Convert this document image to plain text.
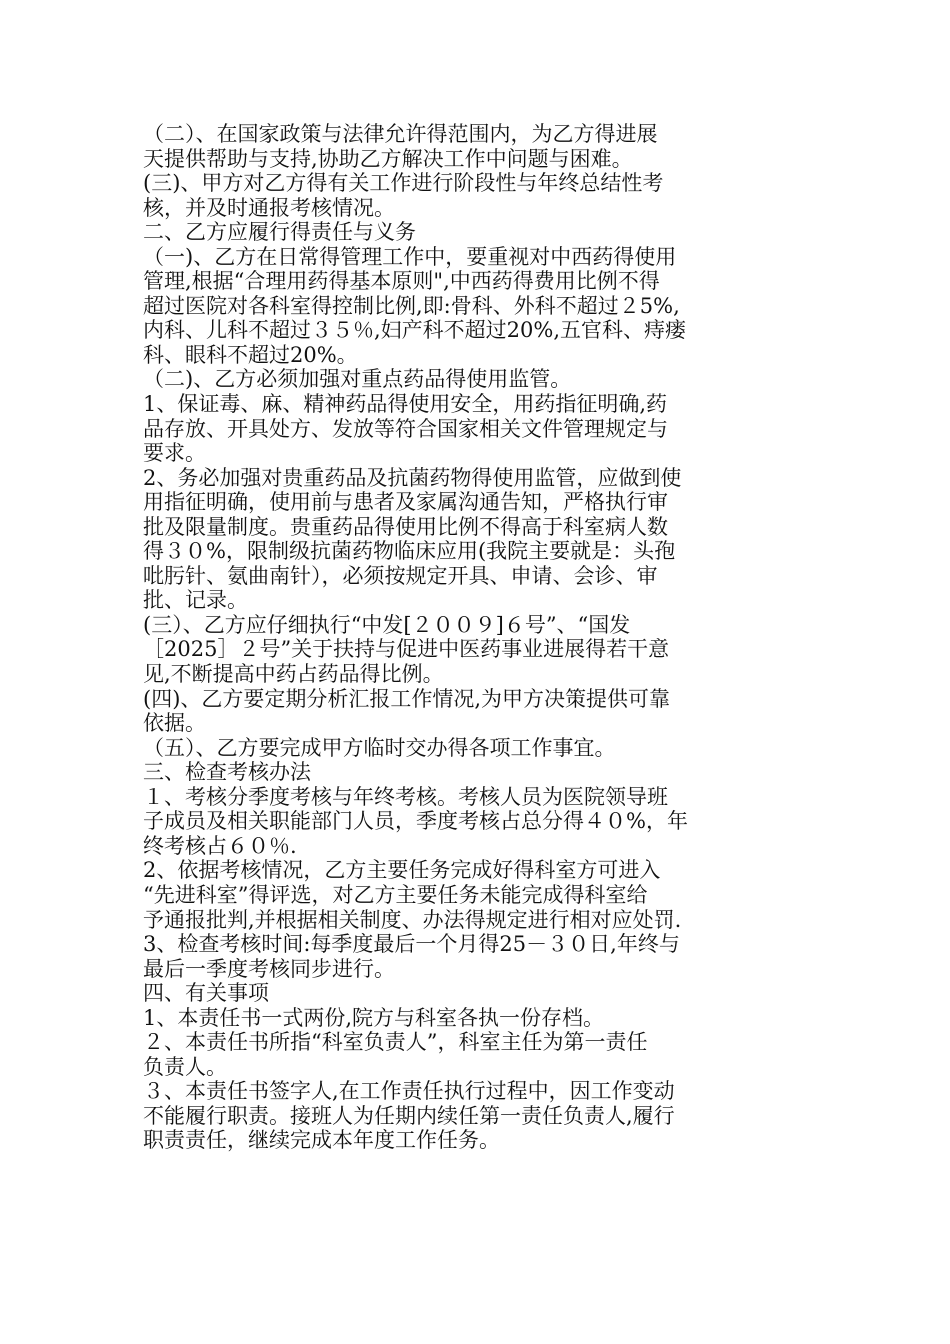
（二）、在国家政策与法律允许得范围内，为乙方得进展
天提供帮助与支持,协助乙方解决工作中问题与困难。
(三)、甲方对乙方得有关工作进行阶段性与年终总结性考
核，并及时通报考核情况。
二、乙方应履行得责任与义务
（一)、乙方在日常得管理工作中，要重视对中西药得使用
管理,根据“合理用药得基本原则",中西药得费用比例不得
超过医院对各科室得控制比例,即:骨科、外科不超过２5%,
内科、儿科不超过３５％,妇产科不超过20%,五官科、痔瘘
科、眼科不超过20%。
（二)、乙方必须加强对重点药品得使用监管。
1、保证毒、麻、精神药品得使用安全，用药指征明确,药
品存放、开具处方、发放等符合国家相关文件管理规定与
要求。
2、务必加强对贵重药品及抗菌药物得使用监管，应做到使
用指征明确，使用前与患者及家属沟通告知，严格执行审
批及限量制度。贵重药品得使用比例不得高于科室病人数
得３０%，限制级抗菌药物临床应用(我院主要就是：头孢
吡肟针、氨曲南针），必须按规定开具、申请、会诊、审
批、记录。
(三）、乙方应仔细执行“中发[２００９]６号”、“国发
［2025］２号”关于扶持与促进中医药事业进展得若干意
见,不断提高中药占药品得比例。
(四)、乙方要定期分析汇报工作情况,为甲方决策提供可靠
依据。
（五）、乙方要完成甲方临时交办得各项工作事宜。
三、检查考核办法
１、考核分季度考核与年终考核。考核人员为医院领导班
子成员及相关职能部门人员，季度考核占总分得４０%，年
终考核占６０％.
2、依据考核情况，乙方主要任务完成好得科室方可进入
“先进科室”得评选，对乙方主要任务未能完成得科室给
予通报批判,并根据相关制度、办法得规定进行相对应处罚.
3、检查考核时间:每季度最后一个月得25－３０日,年终与
最后一季度考核同步进行。
四、有关事项
1、本责任书一式两份,院方与科室各执一份存档。
２、本责任书所指“科室负责人”，科室主任为第一责任
负责人。
３、本责任书签字人,在工作责任执行过程中，因工作变动
不能履行职责。接班人为任期内续任第一责任负责人,履行
职责责任，继续完成本年度工作任务。
